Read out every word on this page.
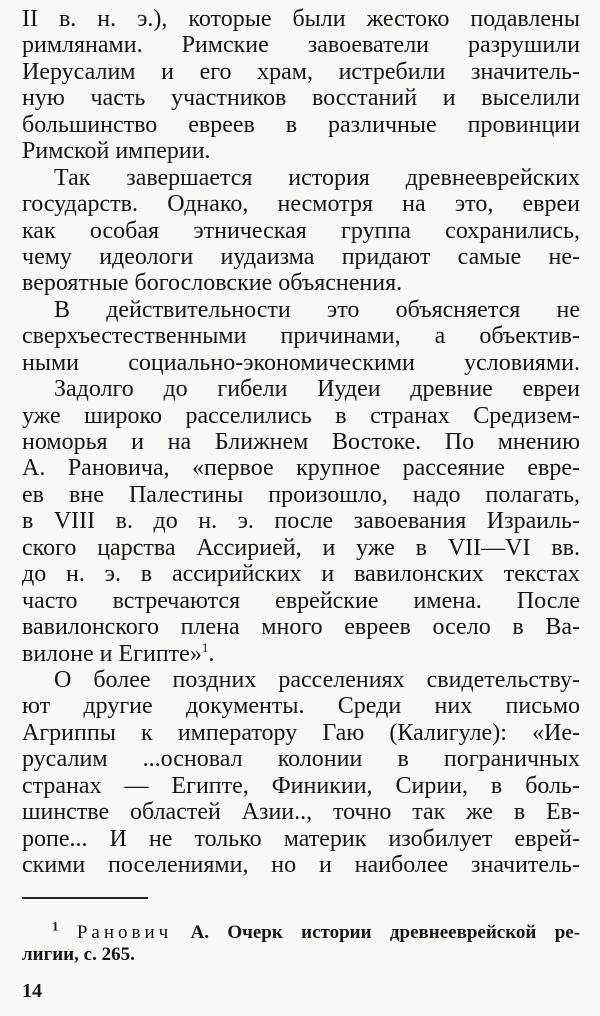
II в. н. э.), которые были жестоко подавлены
римлянами. Римские завоеватели разрушили
Иерусалим и его храм, истребили значитель-
ную часть участников восстаний и выселили
большинство евреев в различные провинции
Римской империи.
Так завершается история древнееврейских
государств. Однако, несмотря на это, евреи
как особая этническая группа сохранились,
чему идеологи иудаизма придают самые не-
вероятные богословские объяснения.
В действительности это объясняется не
сверхъестественными причинами, а объектив-
ными социально-экономическими условиями.
Задолго до гибели Иудеи древние евреи
уже широко расселились в странах Средизем-
номорья и на Ближнем Востоке. По мнению
А. Рановича, «первое крупное рассеяние евре-
ев вне Палестины произошло, надо полагать,
в VIII в. до н. э. после завоевания Израиль-
ского царства Ассирией, и уже в VII—VI вв.
до н. э. в ассирийских и вавилонских текстах
часто встречаются еврейские имена. После
вавилонского плена много евреев осело в Ва-
вилоне и Египте»$^1$.
О более поздних расселениях свидетельству-
ют другие документы. Среди них письмо
Агриппы к императору Гаю (Калигуле): «Ие-
русалим ...основал колонии в пограничных
странах — Египте, Финикии, Сирии, в боль-
шинстве областей Азии.., точно так же в Ев-
ропе... И не только материк изобилует еврей-
скими поселениями, но и наиболее значитель-
$^1$ Ранович А. Очерк истории древнееврейской ре-
лигии, с. 265.
14
